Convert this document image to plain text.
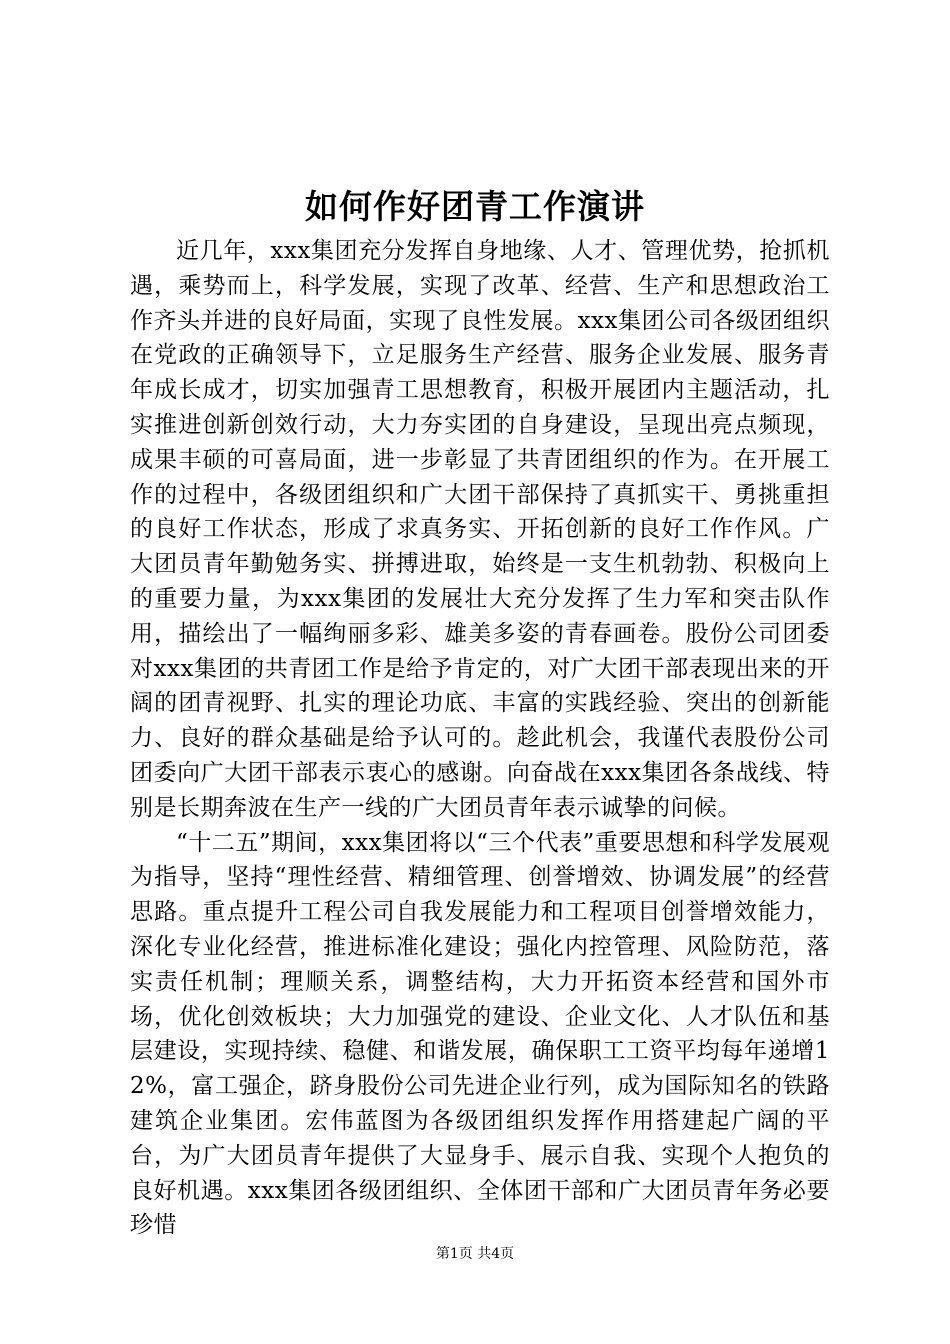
如何作好团青工作演讲

近几年，xxx集团充分发挥自身地缘、人才、管理优势，抢抓机遇，乘势而上，科学发展，实现了改革、经营、生产和思想政治工作齐头并进的良好局面，实现了良性发展。xxx集团公司各级团组织在党政的正确领导下，立足服务生产经营、服务企业发展、服务青年成长成才，切实加强青工思想教育，积极开展团内主题活动，扎实推进创新创效行动，大力夯实团的自身建设，呈现出亮点频现，成果丰硕的可喜局面，进一步彰显了共青团组织的作为。在开展工作的过程中，各级团组织和广大团干部保持了真抓实干、勇挑重担的良好工作状态，形成了求真务实、开拓创新的良好工作作风。广大团员青年勤勉务实、拼搏进取，始终是一支生机勃勃、积极向上的重要力量，为xxx集团的发展壮大充分发挥了生力军和突击队作用，描绘出了一幅绚丽多彩、雄美多姿的青春画卷。股份公司团委对xxx集团的共青团工作是给予肯定的，对广大团干部表现出来的开阔的团青视野、扎实的理论功底、丰富的实践经验、突出的创新能力、良好的群众基础是给予认可的。趁此机会，我谨代表股份公司团委向广大团干部表示衷心的感谢。向奋战在xxx集团各条战线、特别是长期奔波在生产一线的广大团员青年表示诚挚的问候。

“十二五”期间，xxx集团将以“三个代表”重要思想和科学发展观为指导，坚持“理性经营、精细管理、创誉增效、协调发展”的经营思路。重点提升工程公司自我发展能力和工程项目创誉增效能力，深化专业化经营，推进标准化建设；强化内控管理、风险防范，落实责任机制；理顺关系，调整结构，大力开拓资本经营和国外市场，优化创效板块；大力加强党的建设、企业文化、人才队伍和基层建设，实现持续、稳健、和谐发展，确保职工工资平均每年递增12%，富工强企，跻身股份公司先进企业行列，成为国际知名的铁路建筑企业集团。宏伟蓝图为各级团组织发挥作用搭建起广阔的平台，为广大团员青年提供了大显身手、展示自我、实现个人抱负的良好机遇。xxx集团各级团组织、全体团干部和广大团员青年务必要珍惜

第1页 共4页
